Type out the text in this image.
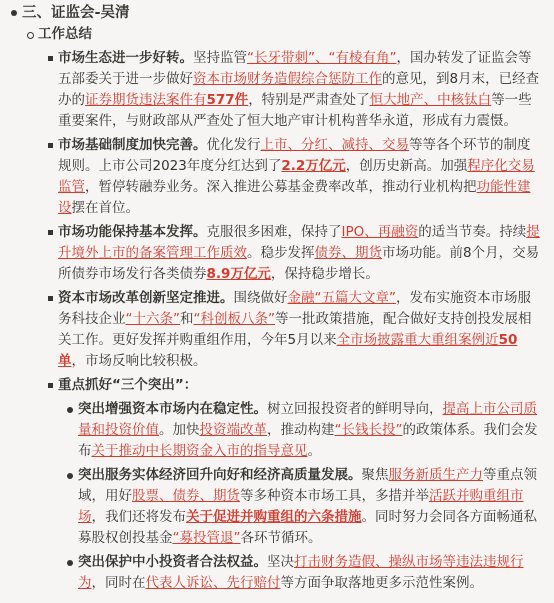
三、证监会-吴清
工作总结
市场生态进一步好转。坚持监管“长牙带刺”、“有棱有角”，国办转发了证监会等五部委关于进一步做好资本市场财务造假综合惩防工作的意见，到8月末，已经查办的证券期货违法案件有577件，特别是严肃查处了恒大地产、中核钛白等一些重要案件，与财政部从严查处了恒大地产审计机构普华永道，形成有力震慑。
市场基础制度加快完善。优化发行上市、分红、减持、交易等等各个环节的制度规则。上市公司2023年度分红达到了2.2万亿元，创历史新高。加强程序化交易监管，暂停转融券业务。深入推进公募基金费率改革，推动行业机构把功能性建设摆在首位。
市场功能保持基本发挥。克服很多困难，保持了IPO、再融资的适当节奏。持续提升境外上市的备案管理工作质效。稳步发挥债券、期货市场功能。前8个月，交易所债券市场发行各类债券8.9万亿元，保持稳步增长。
资本市场改革创新坚定推进。围绕做好金融“五篇大文章”，发布实施资本市场服务科技企业“十六条”和“科创板八条”等一批政策措施，配合做好支持创投发展相关工作。更好发挥并购重组作用，今年5月以来全市场披露重大重组案例近50单，市场反响比较积极。
重点抓好“三个突出”：
突出增强资本市场内在稳定性。树立回报投资者的鲜明导向，提高上市公司质量和投资价值。加快投资端改革，推动构建“长钱长投”的政策体系。我们会发布关于推动中长期资金入市的指导意见。
突出服务实体经济回升向好和经济高质量发展。聚焦服务新质生产力等重点领域，用好股票、债券、期货等多种资本市场工具，多措并举活跃并购重组市场，我们还将发布关于促进并购重组的六条措施。同时努力会同各方面畅通私募股权创投基金“募投管退”各环节循环。
突出保护中小投资者合法权益。坚决打击财务造假、操纵市场等违法违规行为，同时在代表人诉讼、先行赔付等方面争取落地更多示范性案例。
